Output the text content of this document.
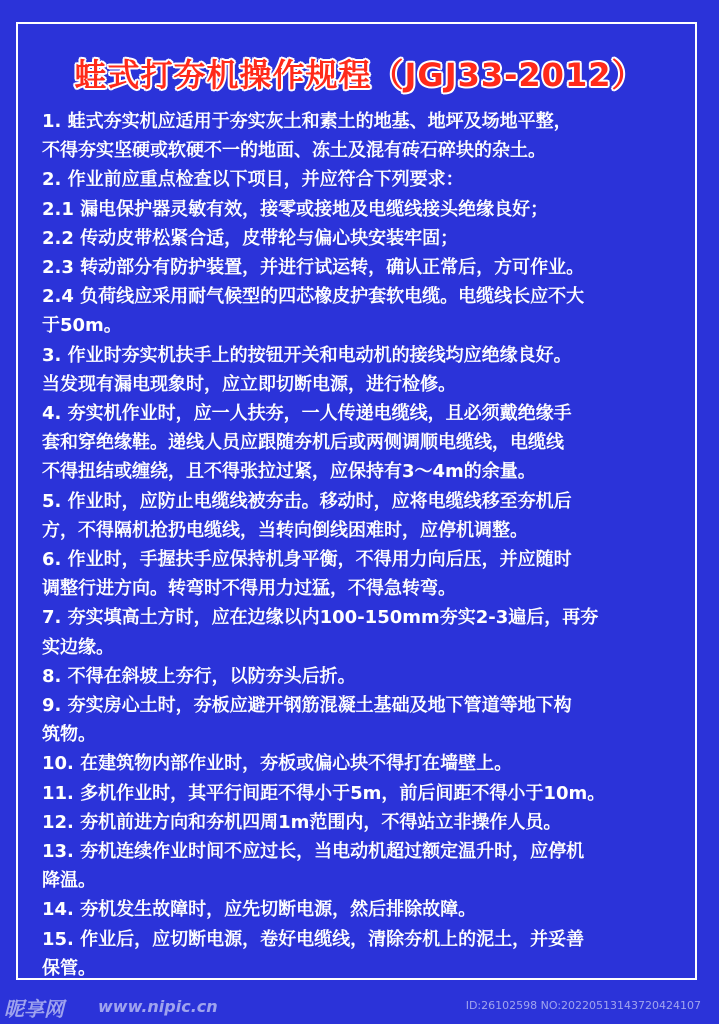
蛙式打夯机操作规程（JGJ33-2012）
1. 蛙式夯实机应适用于夯实灰土和素土的地基、地坪及场地平整，
不得夯实坚硬或软硬不一的地面、冻土及混有砖石碎块的杂土。
2. 作业前应重点检查以下项目，并应符合下列要求：
2.1 漏电保护器灵敏有效，接零或接地及电缆线接头绝缘良好；
2.2 传动皮带松紧合适，皮带轮与偏心块安装牢固；
2.3 转动部分有防护装置，并进行试运转，确认正常后，方可作业。
2.4 负荷线应采用耐气候型的四芯橡皮护套软电缆。电缆线长应不大
于50m。
3. 作业时夯实机扶手上的按钮开关和电动机的接线均应绝缘良好。
当发现有漏电现象时，应立即切断电源，进行检修。
4. 夯实机作业时，应一人扶夯，一人传递电缆线，且必须戴绝缘手
套和穿绝缘鞋。递线人员应跟随夯机后或两侧调顺电缆线，电缆线
不得扭结或缠绕，且不得张拉过紧，应保持有3～4m的余量。
5. 作业时，应防止电缆线被夯击。移动时，应将电缆线移至夯机后
方，不得隔机抢扔电缆线，当转向倒线困难时，应停机调整。
6. 作业时，手握扶手应保持机身平衡，不得用力向后压，并应随时
调整行进方向。转弯时不得用力过猛，不得急转弯。
7. 夯实填高土方时，应在边缘以内100-150mm夯实2-3遍后，再夯
实边缘。
8. 不得在斜坡上夯行，以防夯头后折。
9. 夯实房心土时，夯板应避开钢筋混凝土基础及地下管道等地下构
筑物。
10. 在建筑物内部作业时，夯板或偏心块不得打在墙壁上。
11. 多机作业时，其平行间距不得小于5m，前后间距不得小于10m。
12. 夯机前进方向和夯机四周1m范围内，不得站立非操作人员。
13. 夯机连续作业时间不应过长，当电动机超过额定温升时，应停机
降温。
14. 夯机发生故障时，应先切断电源，然后排除故障。
15. 作业后，应切断电源，卷好电缆线，清除夯机上的泥土，并妥善
保管。
昵享网 www.nipic.cn	ID:26102598 NO:20220513143720424107
